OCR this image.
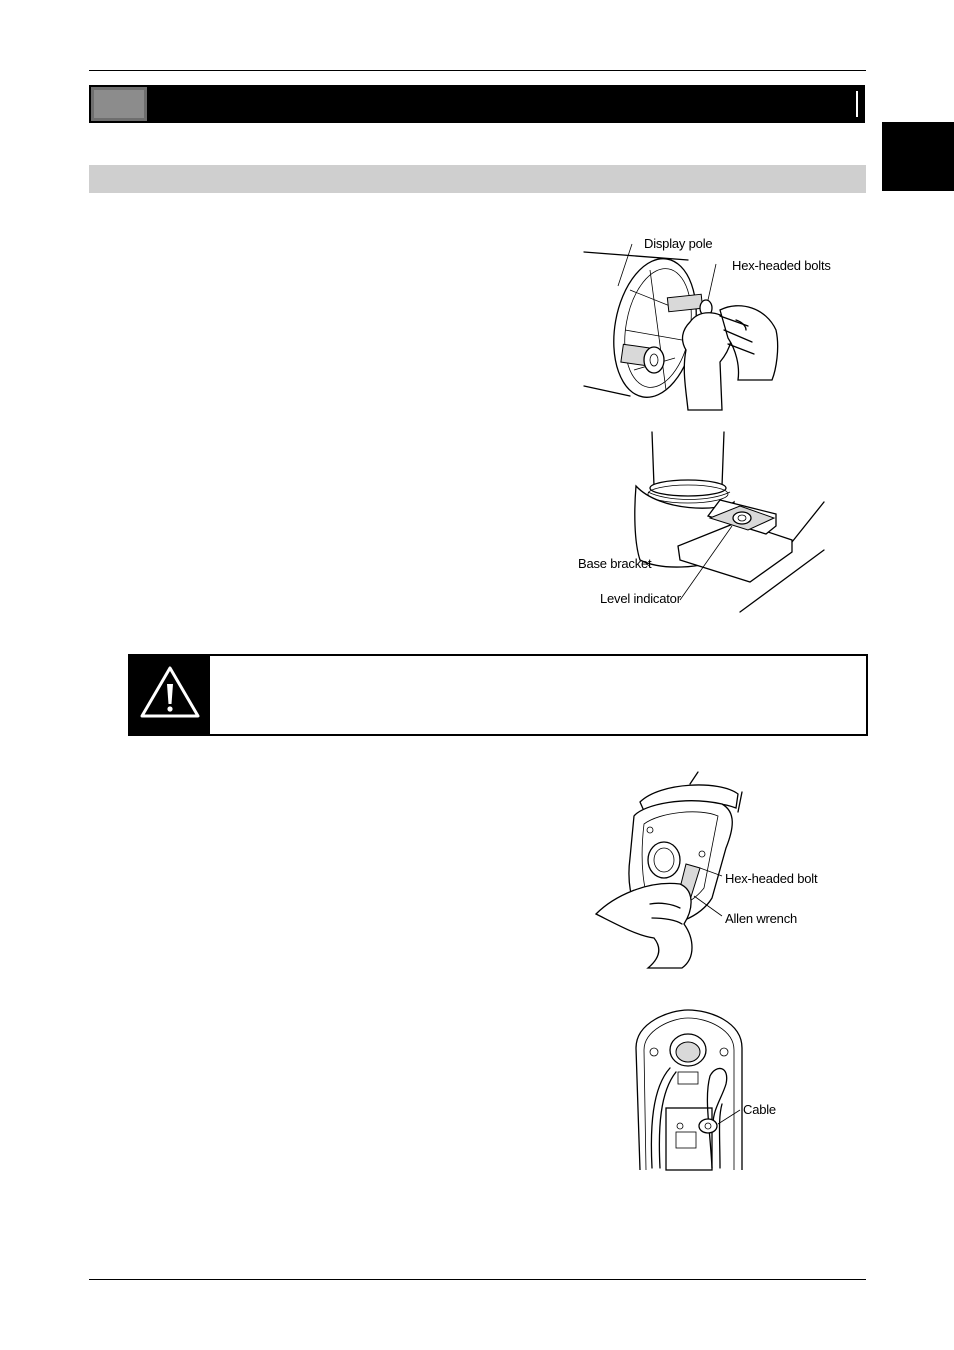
Display pole
Hex-headed bolts
Base bracket
Level indicator
Hex-headed bolt
Allen wrench
Cable
